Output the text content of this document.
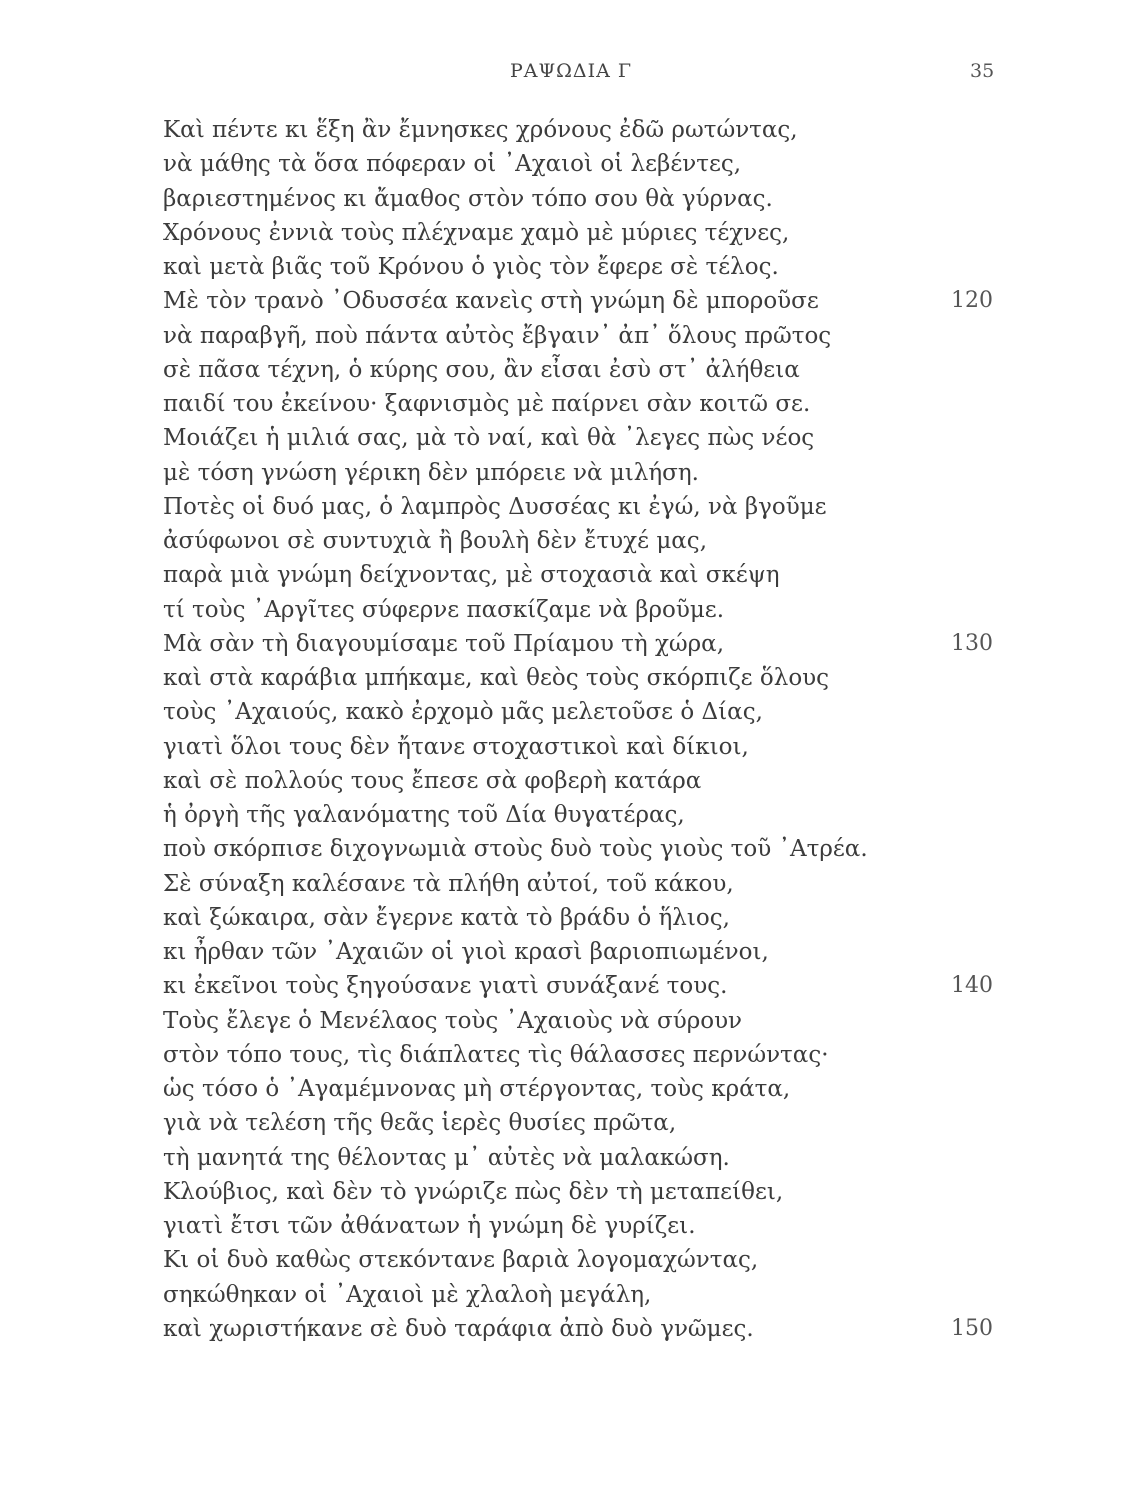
ΡΑΨΩΔΙΑ Γ	35
Καὶ πέντε κι ἕξη ἂν ἔμνησκες χρόνους ἐδῶ ρωτώντας,
νὰ μάθης τὰ ὅσα πόφεραν οἱ ᾿Αχαιοὶ οἱ λεβέντες,
βαριεστημένος κι ἄμαθος στὸν τόπο σου θὰ γύρνας.
Χρόνους ἐννιὰ τοὺς πλέχναμε χαμὸ μὲ μύριες τέχνες,
καὶ μετὰ βιᾶς τοῦ Κρόνου ὁ γιὸς τὸν ἔφερε σὲ τέλος.
Μὲ τὸν τρανὸ ᾿Οδυσσέα κανεὶς στὴ γνώμη δὲ μποροῦσε	120
νὰ παραβγῆ, ποὺ πάντα αὐτὸς ἔβγαιν᾿ ἀπ᾿ ὅλους πρῶτος
σὲ πᾶσα τέχνη, ὁ κύρης σου, ἂν εἶσαι ἐσὺ στ᾿ ἀλήθεια
παιδί του ἐκείνου· ξαφνισμὸς μὲ παίρνει σὰν κοιτῶ σε.
Μοιάζει ἡ μιλιά σας, μὰ τὸ ναί, καὶ θὰ ᾿λεγες πὼς νέος
μὲ τόση γνώση γέρικη δὲν μπόρειε νὰ μιλήση.
Ποτὲς οἱ δυό μας, ὁ λαμπρὸς Δυσσέας κι ἐγώ, νὰ βγοῦμε
ἀσύφωνοι σὲ συντυχιὰ ἢ βουλὴ δὲν ἔτυχέ μας,
παρὰ μιὰ γνώμη δείχνοντας, μὲ στοχασιὰ καὶ σκέψη
τί τοὺς ᾿Αργῖτες σύφερνε πασκίζαμε νὰ βροῦμε.
Μὰ σὰν τὴ διαγουμίσαμε τοῦ Πρίαμου τὴ χώρα,	130
καὶ στὰ καράβια μπήκαμε, καὶ θεὸς τοὺς σκόρπιζε ὅλους
τοὺς ᾿Αχαιούς, κακὸ ἐρχομὸ μᾶς μελετοῦσε ὁ Δίας,
γιατὶ ὅλοι τους δὲν ἤτανε στοχαστικοὶ καὶ δίκιοι,
καὶ σὲ πολλούς τους ἔπεσε σὰ φοβερὴ κατάρα
ἡ ὀργὴ τῆς γαλανόματης τοῦ Δία θυγατέρας,
ποὺ σκόρπισε διχογνωμιὰ στοὺς δυὸ τοὺς γιοὺς τοῦ ᾿Ατρέα.
Σὲ σύναξη καλέσανε τὰ πλήθη αὐτοί, τοῦ κάκου,
καὶ ξώκαιρα, σὰν ἔγερνε κατὰ τὸ βράδυ ὁ ἥλιος,
κι ἦρθαν τῶν ᾿Αχαιῶν οἱ γιοὶ κρασὶ βαριοπιωμένοι,
κι ἐκεῖνοι τοὺς ξηγούσανε γιατὶ συνάξανέ τους.	140
Τοὺς ἔλεγε ὁ Μενέλαος τοὺς ᾿Αχαιοὺς νὰ σύρουν
στὸν τόπο τους, τὶς διάπλατες τὶς θάλασσες περνώντας·
ὡς τόσο ὁ ᾿Αγαμέμνονας μὴ στέργοντας, τοὺς κράτα,
γιὰ νὰ τελέση τῆς θεᾶς ἱερὲς θυσίες πρῶτα,
τὴ μανητά της θέλοντας μ᾿ αὐτὲς νὰ μαλακώση.
Κλούβιος, καὶ δὲν τὸ γνώριζε πὼς δὲν τὴ μεταπείθει,
γιατὶ ἔτσι τῶν ἀθάνατων ἡ γνώμη δὲ γυρίζει.
Κι οἱ δυὸ καθὼς στεκόντανε βαριὰ λογομαχώντας,
σηκώθηκαν οἱ ᾿Αχαιοὶ μὲ χλαλοὴ μεγάλη,
καὶ χωριστήκανε σὲ δυὸ ταράφια ἀπὸ δυὸ γνῶμες.	150
